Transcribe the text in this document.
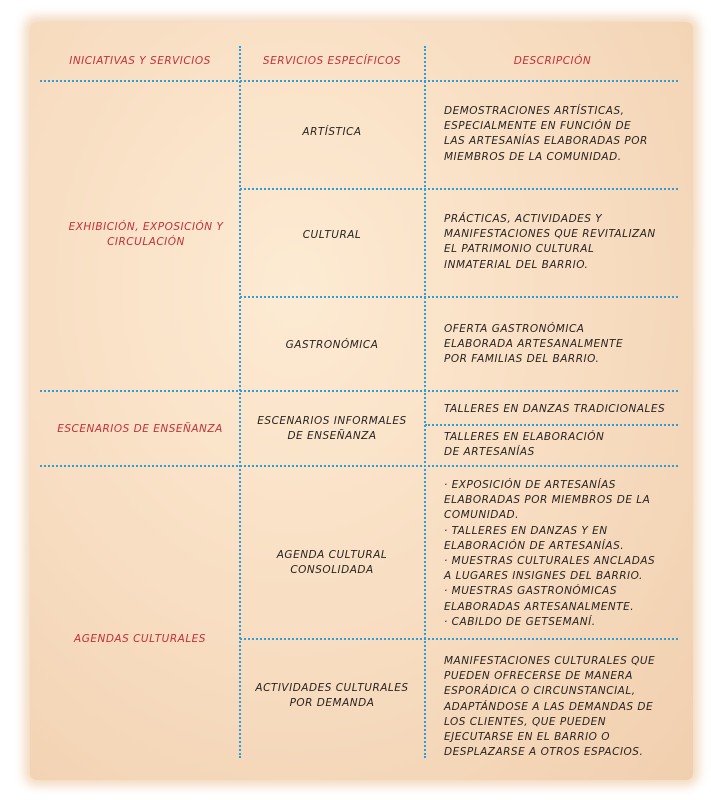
INICIATIVAS Y SERVICIOS	SERVICIOS ESPECÍFICOS	DESCRIPCIÓN
EXHIBICIÓN, EXPOSICIÓN Y CIRCULACIÓN
ESCENARIOS DE ENSEÑANZA
AGENDAS CULTURALES
ARTÍSTICA
CULTURAL
GASTRONÓMICA
ESCENARIOS INFORMALES DE ENSEÑANZA
AGENDA CULTURAL CONSOLIDADA
ACTIVIDADES CULTURALES POR DEMANDA
DEMOSTRACIONES ARTÍSTICAS, ESPECIALMENTE EN FUNCIÓN DE LAS ARTESANÍAS ELABORADAS POR MIEMBROS DE LA COMUNIDAD.
PRÁCTICAS, ACTIVIDADES Y MANIFESTACIONES QUE REVITALIZAN EL PATRIMONIO CULTURAL INMATERIAL DEL BARRIO.
OFERTA GASTRONÓMICA ELABORADA ARTESANALMENTE POR FAMILIAS DEL BARRIO.
TALLERES EN DANZAS TRADICIONALES
TALLERES EN ELABORACIÓN DE ARTESANÍAS
· EXPOSICIÓN DE ARTESANÍAS ELABORADAS POR MIEMBROS DE LA COMUNIDAD.
· TALLERES EN DANZAS Y EN ELABORACIÓN DE ARTESANÍAS.
· MUESTRAS CULTURALES ANCLADAS A LUGARES INSIGNES DEL BARRIO.
· MUESTRAS GASTRONÓMICAS ELABORADAS ARTESANALMENTE.
· CABILDO DE GETSEMANÍ.
MANIFESTACIONES CULTURALES QUE PUEDEN OFRECERSE DE MANERA ESPORÁDICA O CIRCUNSTANCIAL, ADAPTÁNDOSE A LAS DEMANDAS DE LOS CLIENTES, QUE PUEDEN EJECUTARSE EN EL BARRIO O DESPLAZARSE A OTROS ESPACIOS.
